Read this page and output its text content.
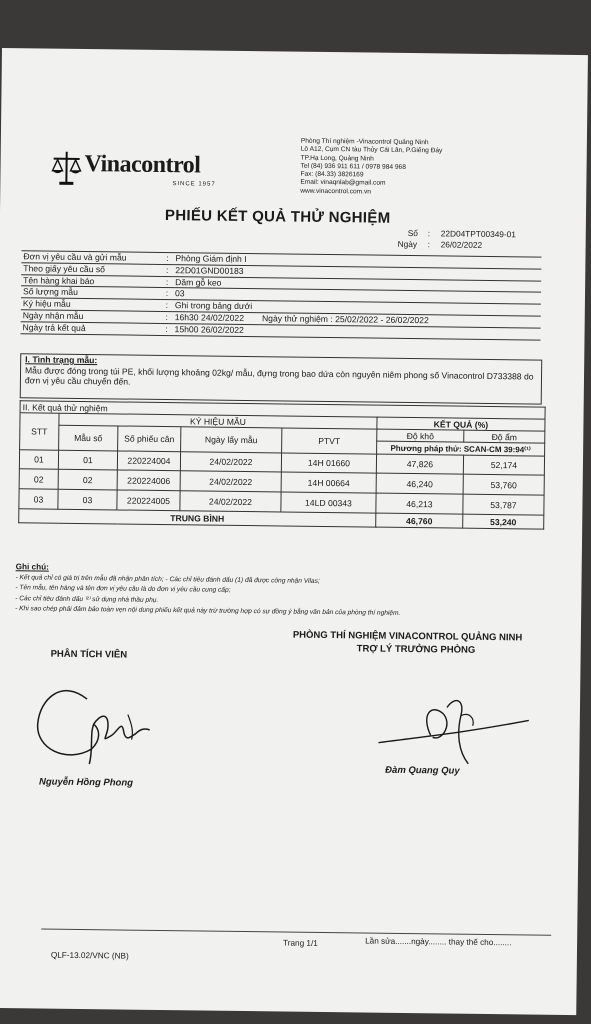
Vinacontrol
SINCE 1957
Phòng Thí nghiệm -Vinacontrol Quảng Ninh
Lô A12, Cụm CN tàu Thủy Cái Lân, P.Giếng Đáy
TP.Hạ Long, Quảng Ninh
Tel (84) 936 911 611 / 0978 984 968
Fax: (84.33) 3826169
Email: vinaqnlab@gmail.com
www.vinacontrol.com.vn
PHIẾU KẾT QUẢ THỬ NGHIỆM
Số : 22D04TPT00349-01
Ngày : 26/02/2022
Đơn vị yêu cầu và gửi mẫu	:	Phòng Giám định I
Theo giấy yêu cầu số	:	22D01GND00183
Tên hàng khai báo	:	Dăm gỗ keo
Số lượng mẫu	:	03
Ký hiệu mẫu	:	Ghi trong bảng dưới
Ngày nhận mẫu	:	16h30 24/02/2022 Ngày thử nghiệm : 25/02/2022 - 26/02/2022
Ngày trả kết quả	:	15h00 26/02/2022
I. Tình trạng mẫu:
Mẫu được đóng trong túi PE, khối lượng khoảng 02kg/ mẫu, đựng trong bao dứa còn nguyên niêm phong số Vinacontrol D733388 do đơn vị yêu cầu chuyển đến.
II. Kết quả thử nghiệm						
STT	KÝ HIỆU MẪU				KẾT QUẢ (%)	
	Mẫu số	Số phiếu cân	Ngày lấy mẫu	PTVT	Độ khô	Độ ẩm
					Phương pháp thử: SCAN-CM 39:94⁽¹⁾	
01	01	220224004	24/02/2022	14H 01660	47,826	52,174
02	02	220224006	24/02/2022	14H 00664	46,240	53,760
03	03	220224005	24/02/2022	14LD 00343	46,213	53,787
TRUNG BÌNH					46,760	53,240
Ghi chú:
- Kết quả chỉ có giá trị trên mẫu đã nhận phân tích; - Các chỉ tiêu đánh dấu (1) đã được công nhận Vilas;
- Tên mẫu, tên hàng và tên đơn vị yêu cầu là do đơn vị yêu cầu cung cấp;
- Các chỉ tiêu đánh dấu ⁽²⁾ sử dụng nhà thầu phụ.
- Khi sao chép phải đảm bảo toàn vẹn nội dung phiếu kết quả này trừ trường hợp có sự đồng ý bằng văn bản của phòng thí nghiệm.
PHÒNG THÍ NGHIỆM VINACONTROL QUẢNG NINH
TRỢ LÝ TRƯỞNG PHÒNG
PHÂN TÍCH VIÊN
Nguyễn Hồng Phong
Đàm Quang Quy
QLF-13.02/VNC (NB)
Trang 1/1	Lần sửa.......ngày........ thay thế cho........
